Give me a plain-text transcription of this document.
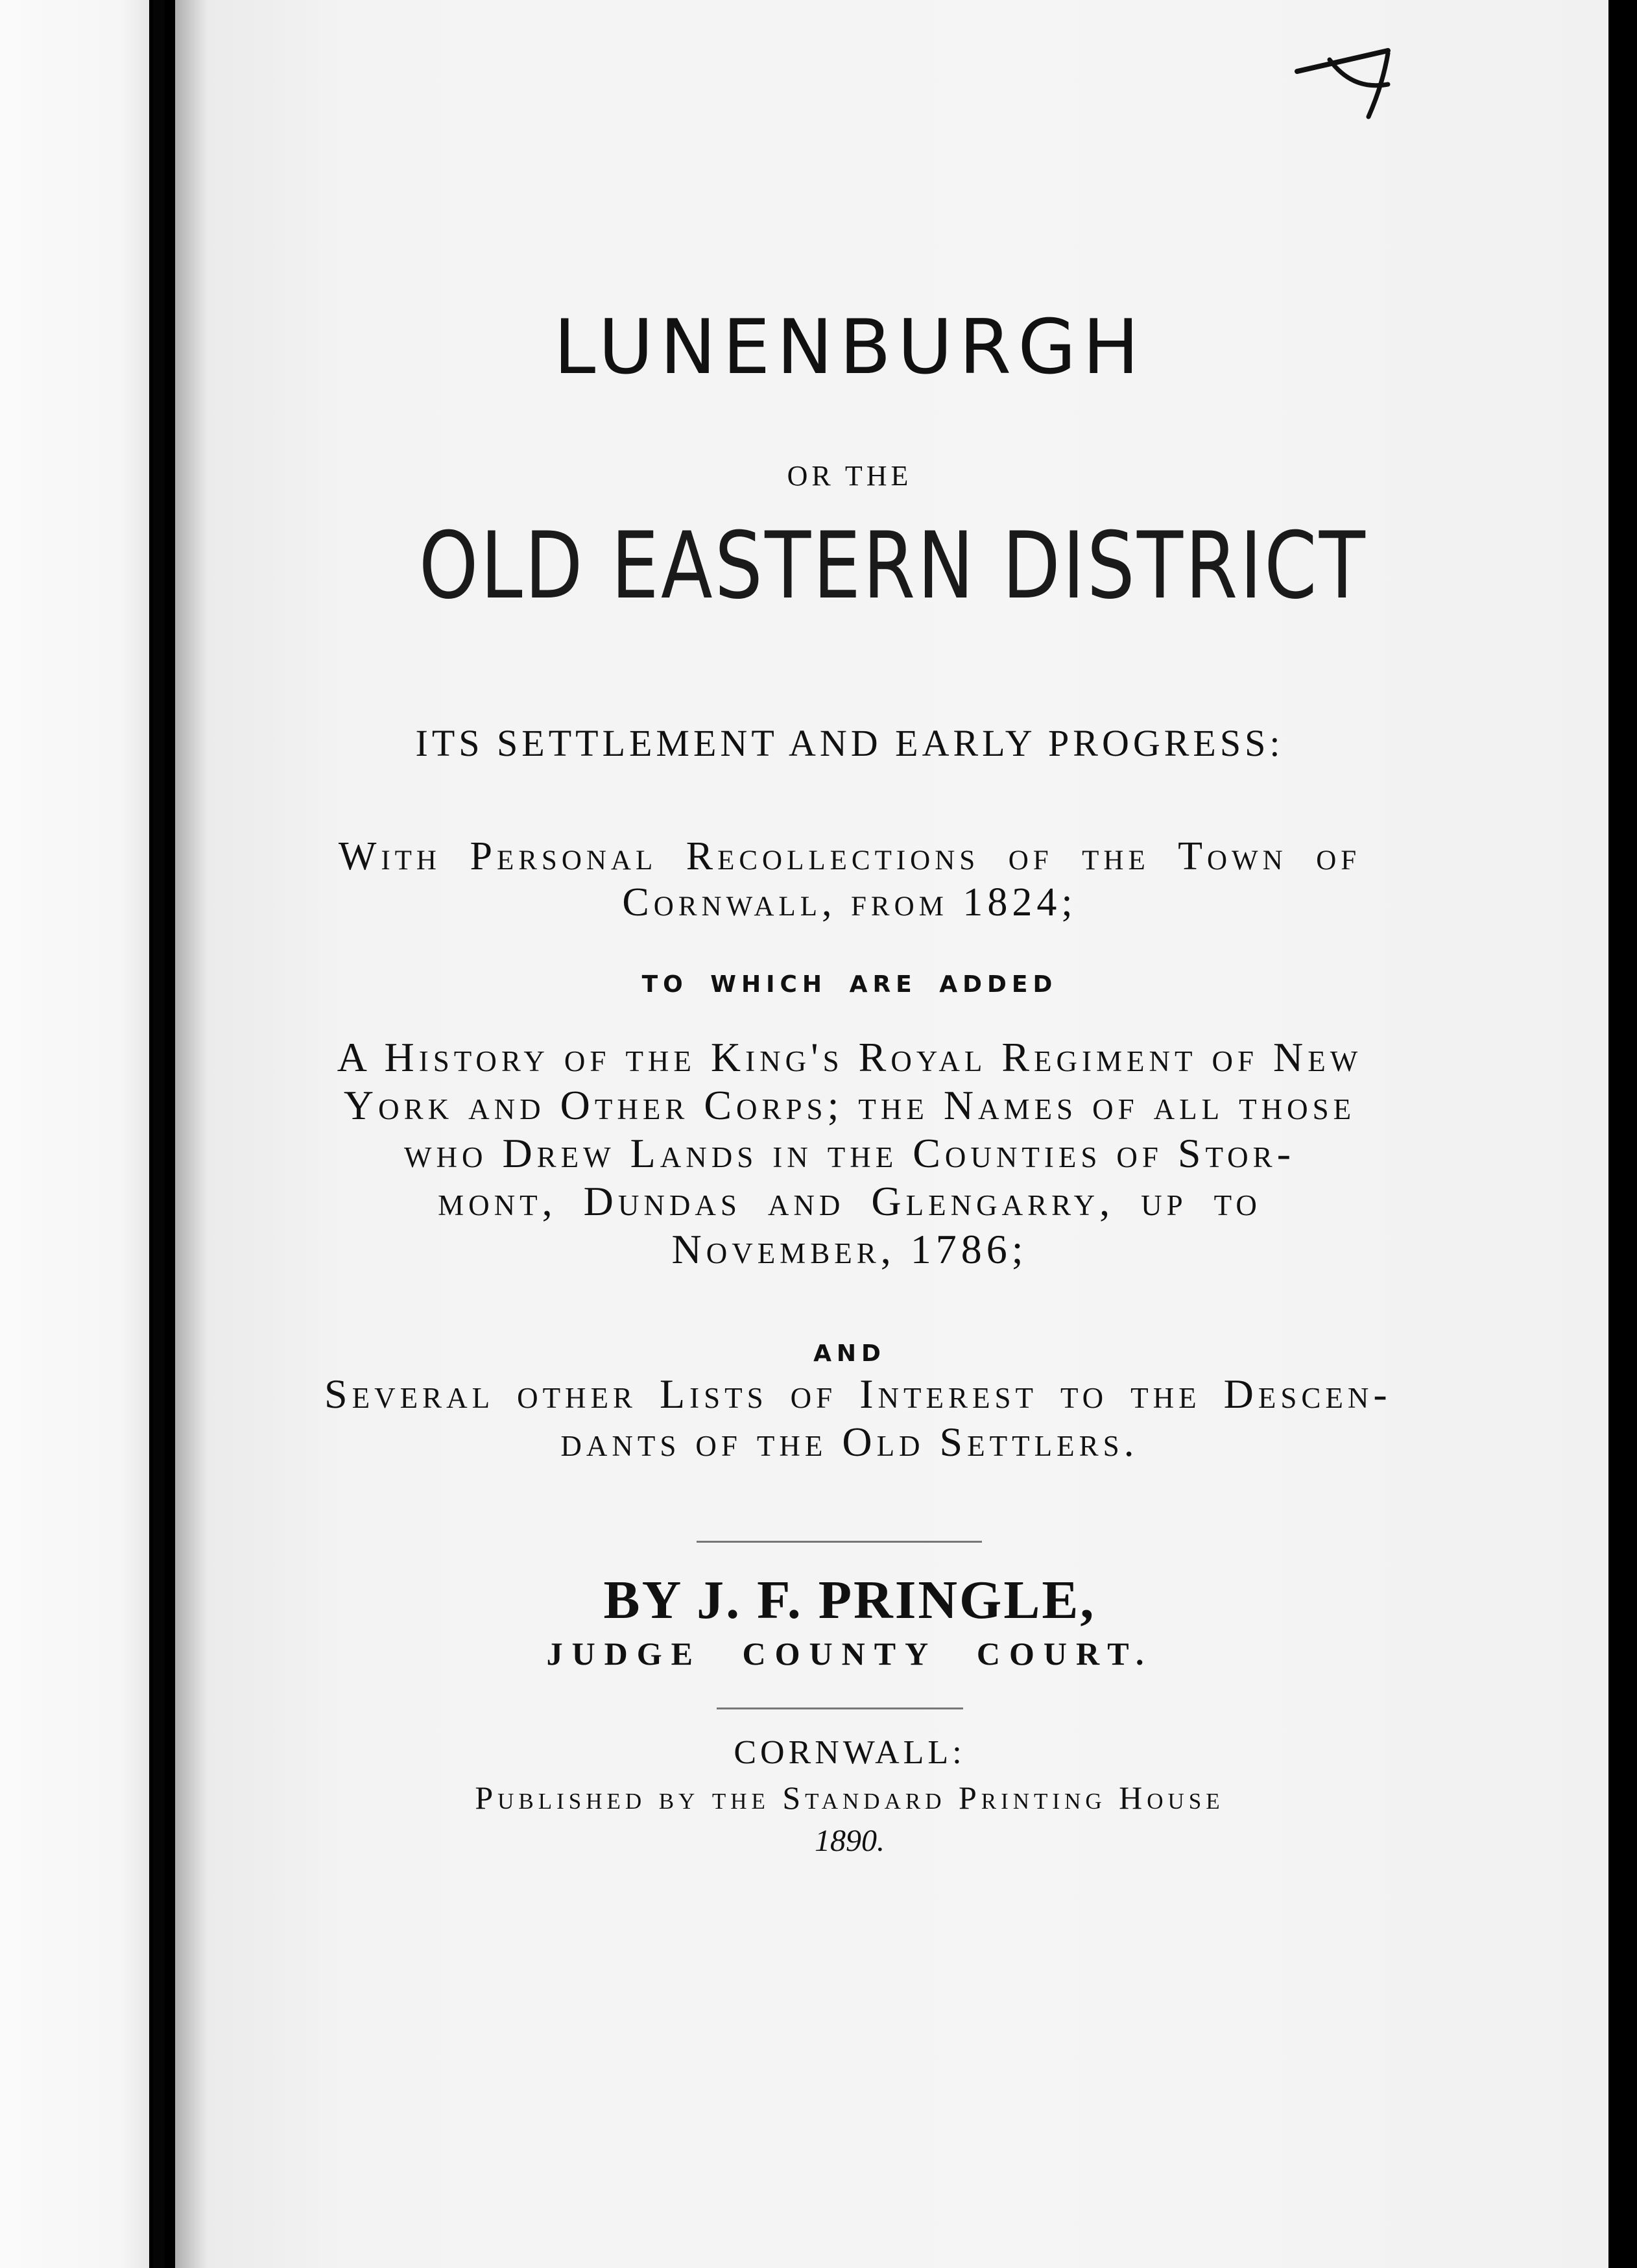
LUNENBURGH
OR THE
OLD EASTERN DISTRICT
ITS SETTLEMENT AND EARLY PROGRESS:
With Personal Recollections of the Town of
Cornwall, from 1824;
TO WHICH ARE ADDED
A History of the King's Royal Regiment of New
York and Other Corps; the Names of all those
who Drew Lands in the Counties of Stor-
mont, Dundas and Glengarry, up to
November, 1786;
AND
Several other Lists of Interest to the Descen-
dants of the Old Settlers.
BY J. F. PRINGLE,
JUDGE COUNTY COURT.
CORNWALL:
Published by the Standard Printing House
1890.
